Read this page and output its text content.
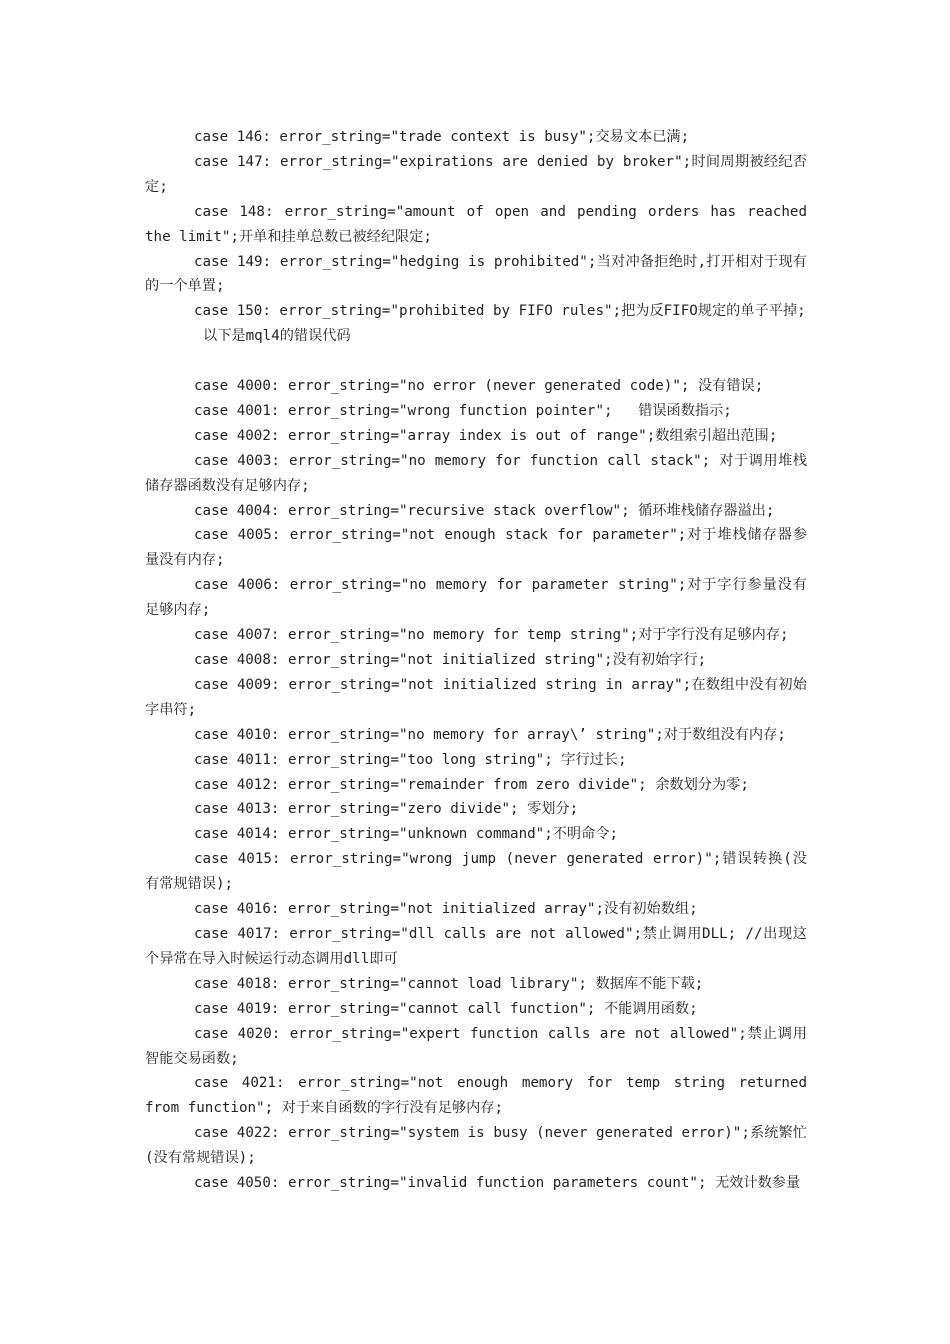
case 146: error_string="trade context is busy";交易文本已满;

case 147: error_string="expirations are denied by broker";时间周期被经纪否定;

case 148: error_string="amount of open and pending orders has reached the limit";开单和挂单总数已被经纪限定;

case 149: error_string="hedging is prohibited";当对冲备拒绝时,打开相对于现有的一个单置;

case 150: error_string="prohibited by FIFO rules";把为反FIFO规定的单子平掉;

以下是mql4的错误代码

case 4000: error_string="no error (never generated code)"; 没有错误;

case 4001: error_string="wrong function pointer";   错误函数指示;

case 4002: error_string="array index is out of range";数组索引超出范围;

case 4003: error_string="no memory for function call stack"; 对于调用堆栈储存器函数没有足够内存;

case 4004: error_string="recursive stack overflow"; 循环堆栈储存器溢出;

case 4005: error_string="not enough stack for parameter";对于堆栈储存器参量没有内存;

case 4006: error_string="no memory for parameter string";对于字行参量没有足够内存;

case 4007: error_string="no memory for temp string";对于字行没有足够内存;

case 4008: error_string="not initialized string";没有初始字行;

case 4009: error_string="not initialized string in array";在数组中没有初始字串符;

case 4010: error_string="no memory for array\’ string";对于数组没有内存;

case 4011: error_string="too long string"; 字行过长;

case 4012: error_string="remainder from zero divide"; 余数划分为零;

case 4013: error_string="zero divide"; 零划分;

case 4014: error_string="unknown command";不明命令;

case 4015: error_string="wrong jump (never generated error)";错误转换(没有常规错误);

case 4016: error_string="not initialized array";没有初始数组;

case 4017: error_string="dll calls are not allowed";禁止调用DLL; //出现这个异常在导入时候运行动态调用dll即可

case 4018: error_string="cannot load library"; 数据库不能下载;

case 4019: error_string="cannot call function"; 不能调用函数;

case 4020: error_string="expert function calls are not allowed";禁止调用智能交易函数;

case 4021: error_string="not enough memory for temp string returned from function"; 对于来自函数的字行没有足够内存;

case 4022: error_string="system is busy (never generated error)";系统繁忙(没有常规错误);

case 4050: error_string="invalid function parameters count"; 无效计数参量
